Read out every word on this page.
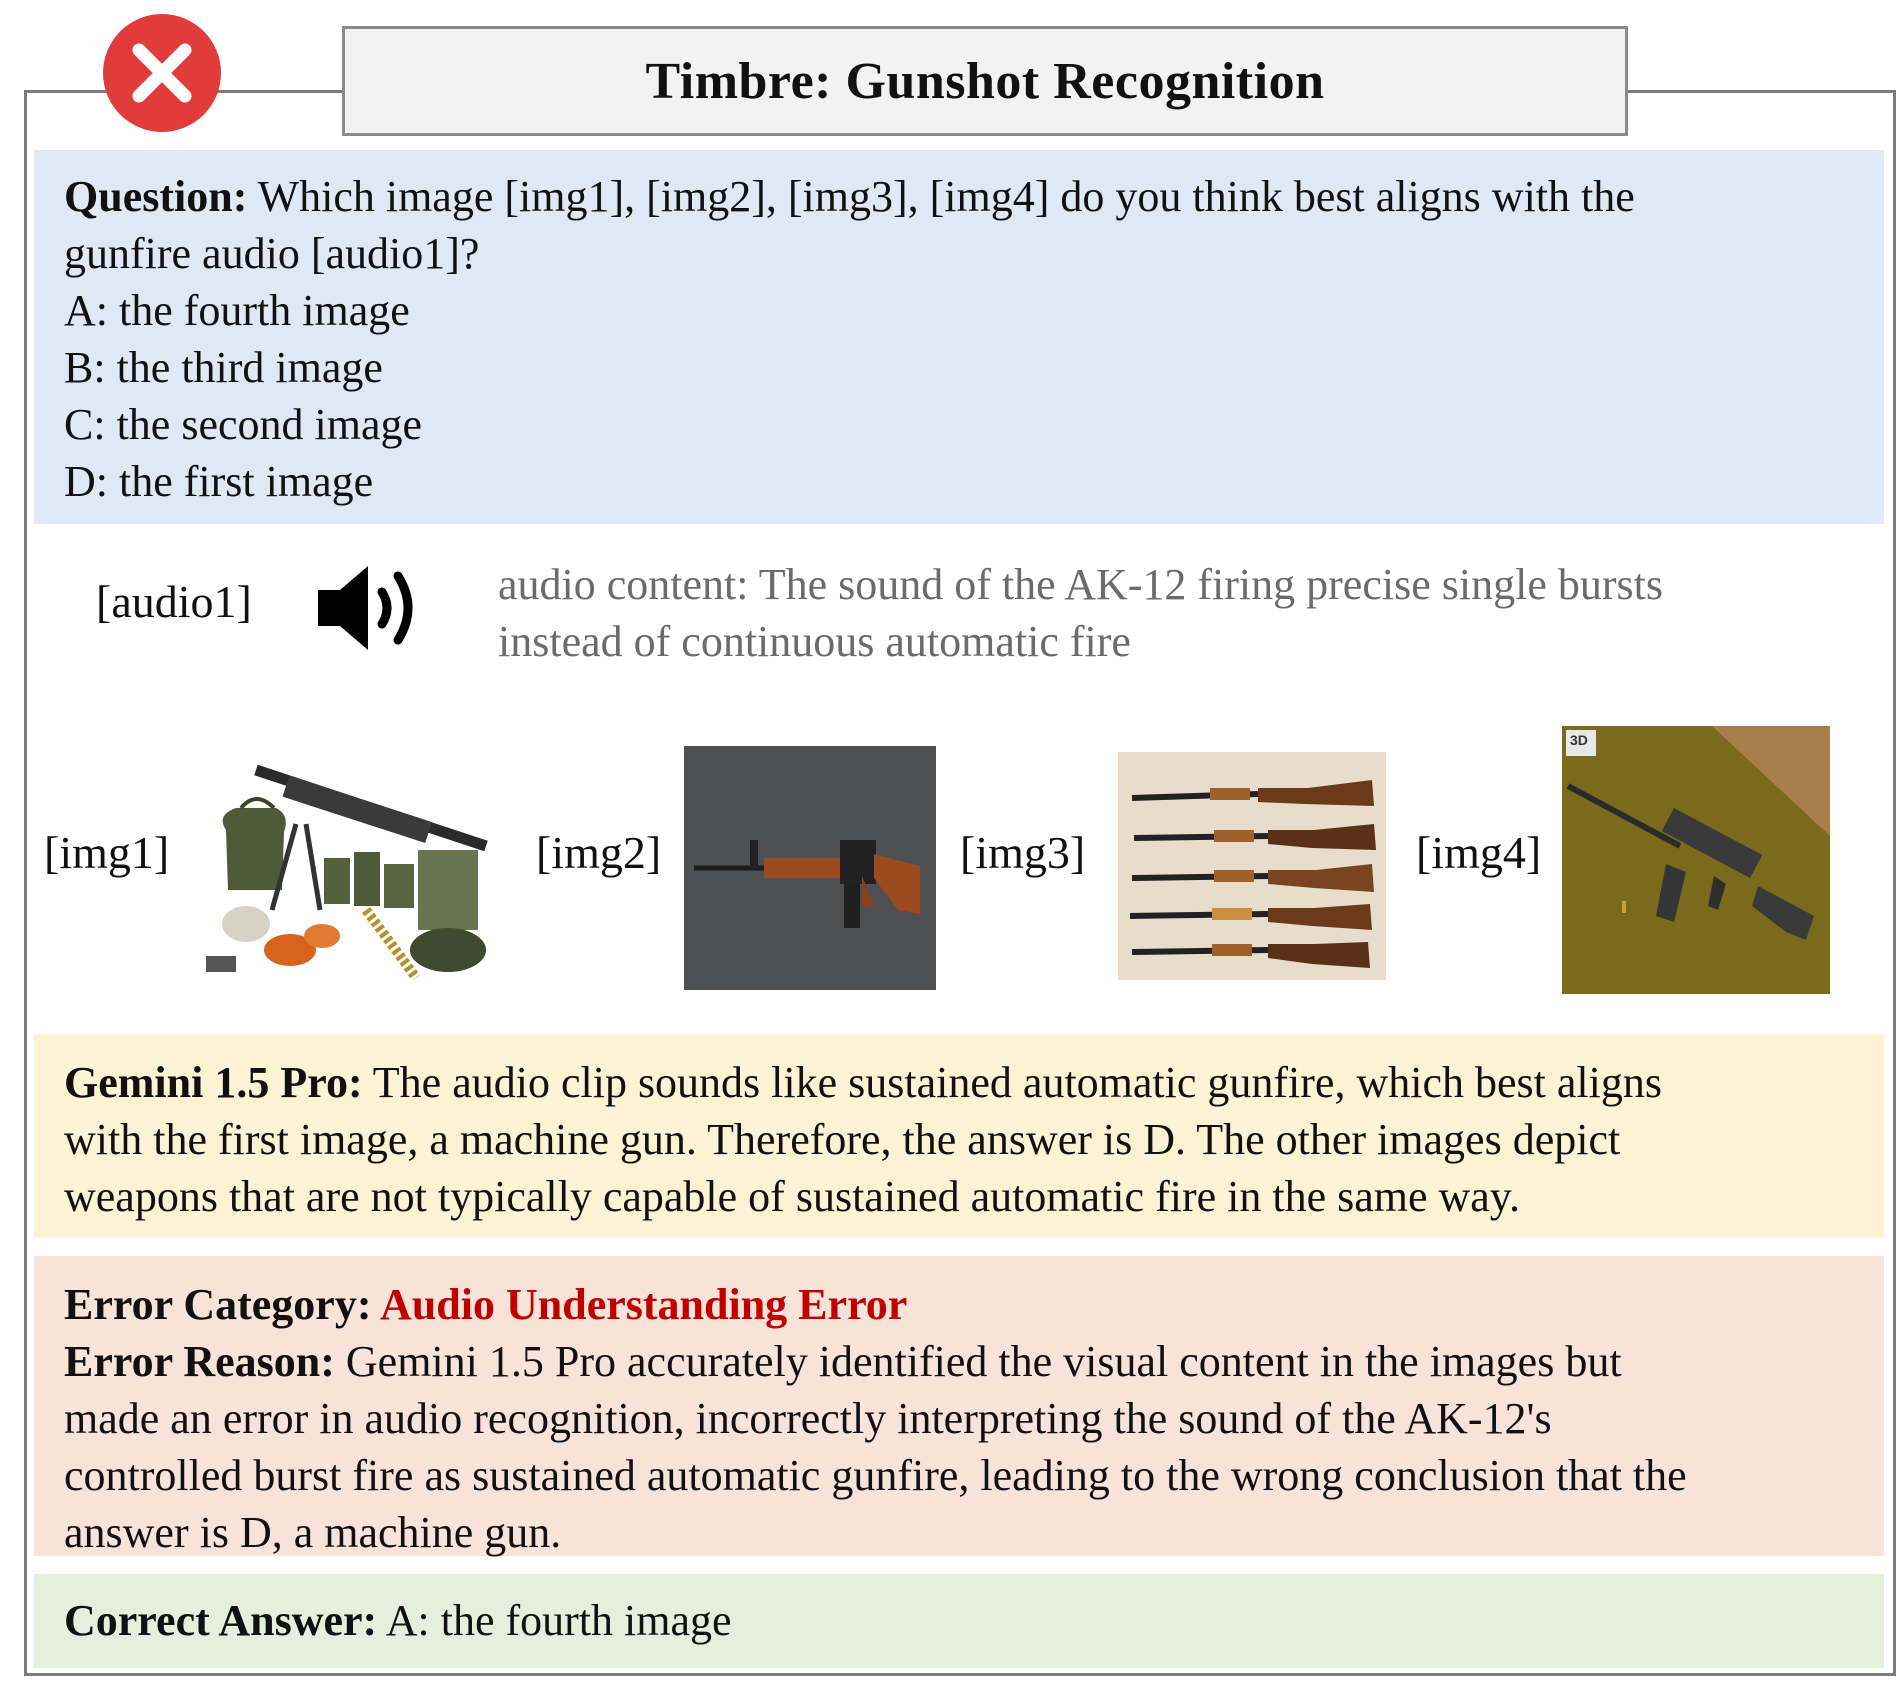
Timbre: Gunshot Recognition
Question: Which image [img1], [img2], [img3], [img4] do you think best aligns with the
gunfire audio [audio1]?
A: the fourth image
B: the third image
C: the second image
D: the first image
[audio1]	audio content: The sound of the AK-12 firing precise single bursts
instead of continuous automatic fire
[img1]	[img2]	[img3]	[img4]
3D
Gemini 1.5 Pro: The audio clip sounds like sustained automatic gunfire, which best aligns
with the first image, a machine gun. Therefore, the answer is D. The other images depict
weapons that are not typically capable of sustained automatic fire in the same way.
Error Category: Audio Understanding Error
Error Reason: Gemini 1.5 Pro accurately identified the visual content in the images but
made an error in audio recognition, incorrectly interpreting the sound of the AK-12's
controlled burst fire as sustained automatic gunfire, leading to the wrong conclusion that the
answer is D, a machine gun.
Correct Answer: A: the fourth image
